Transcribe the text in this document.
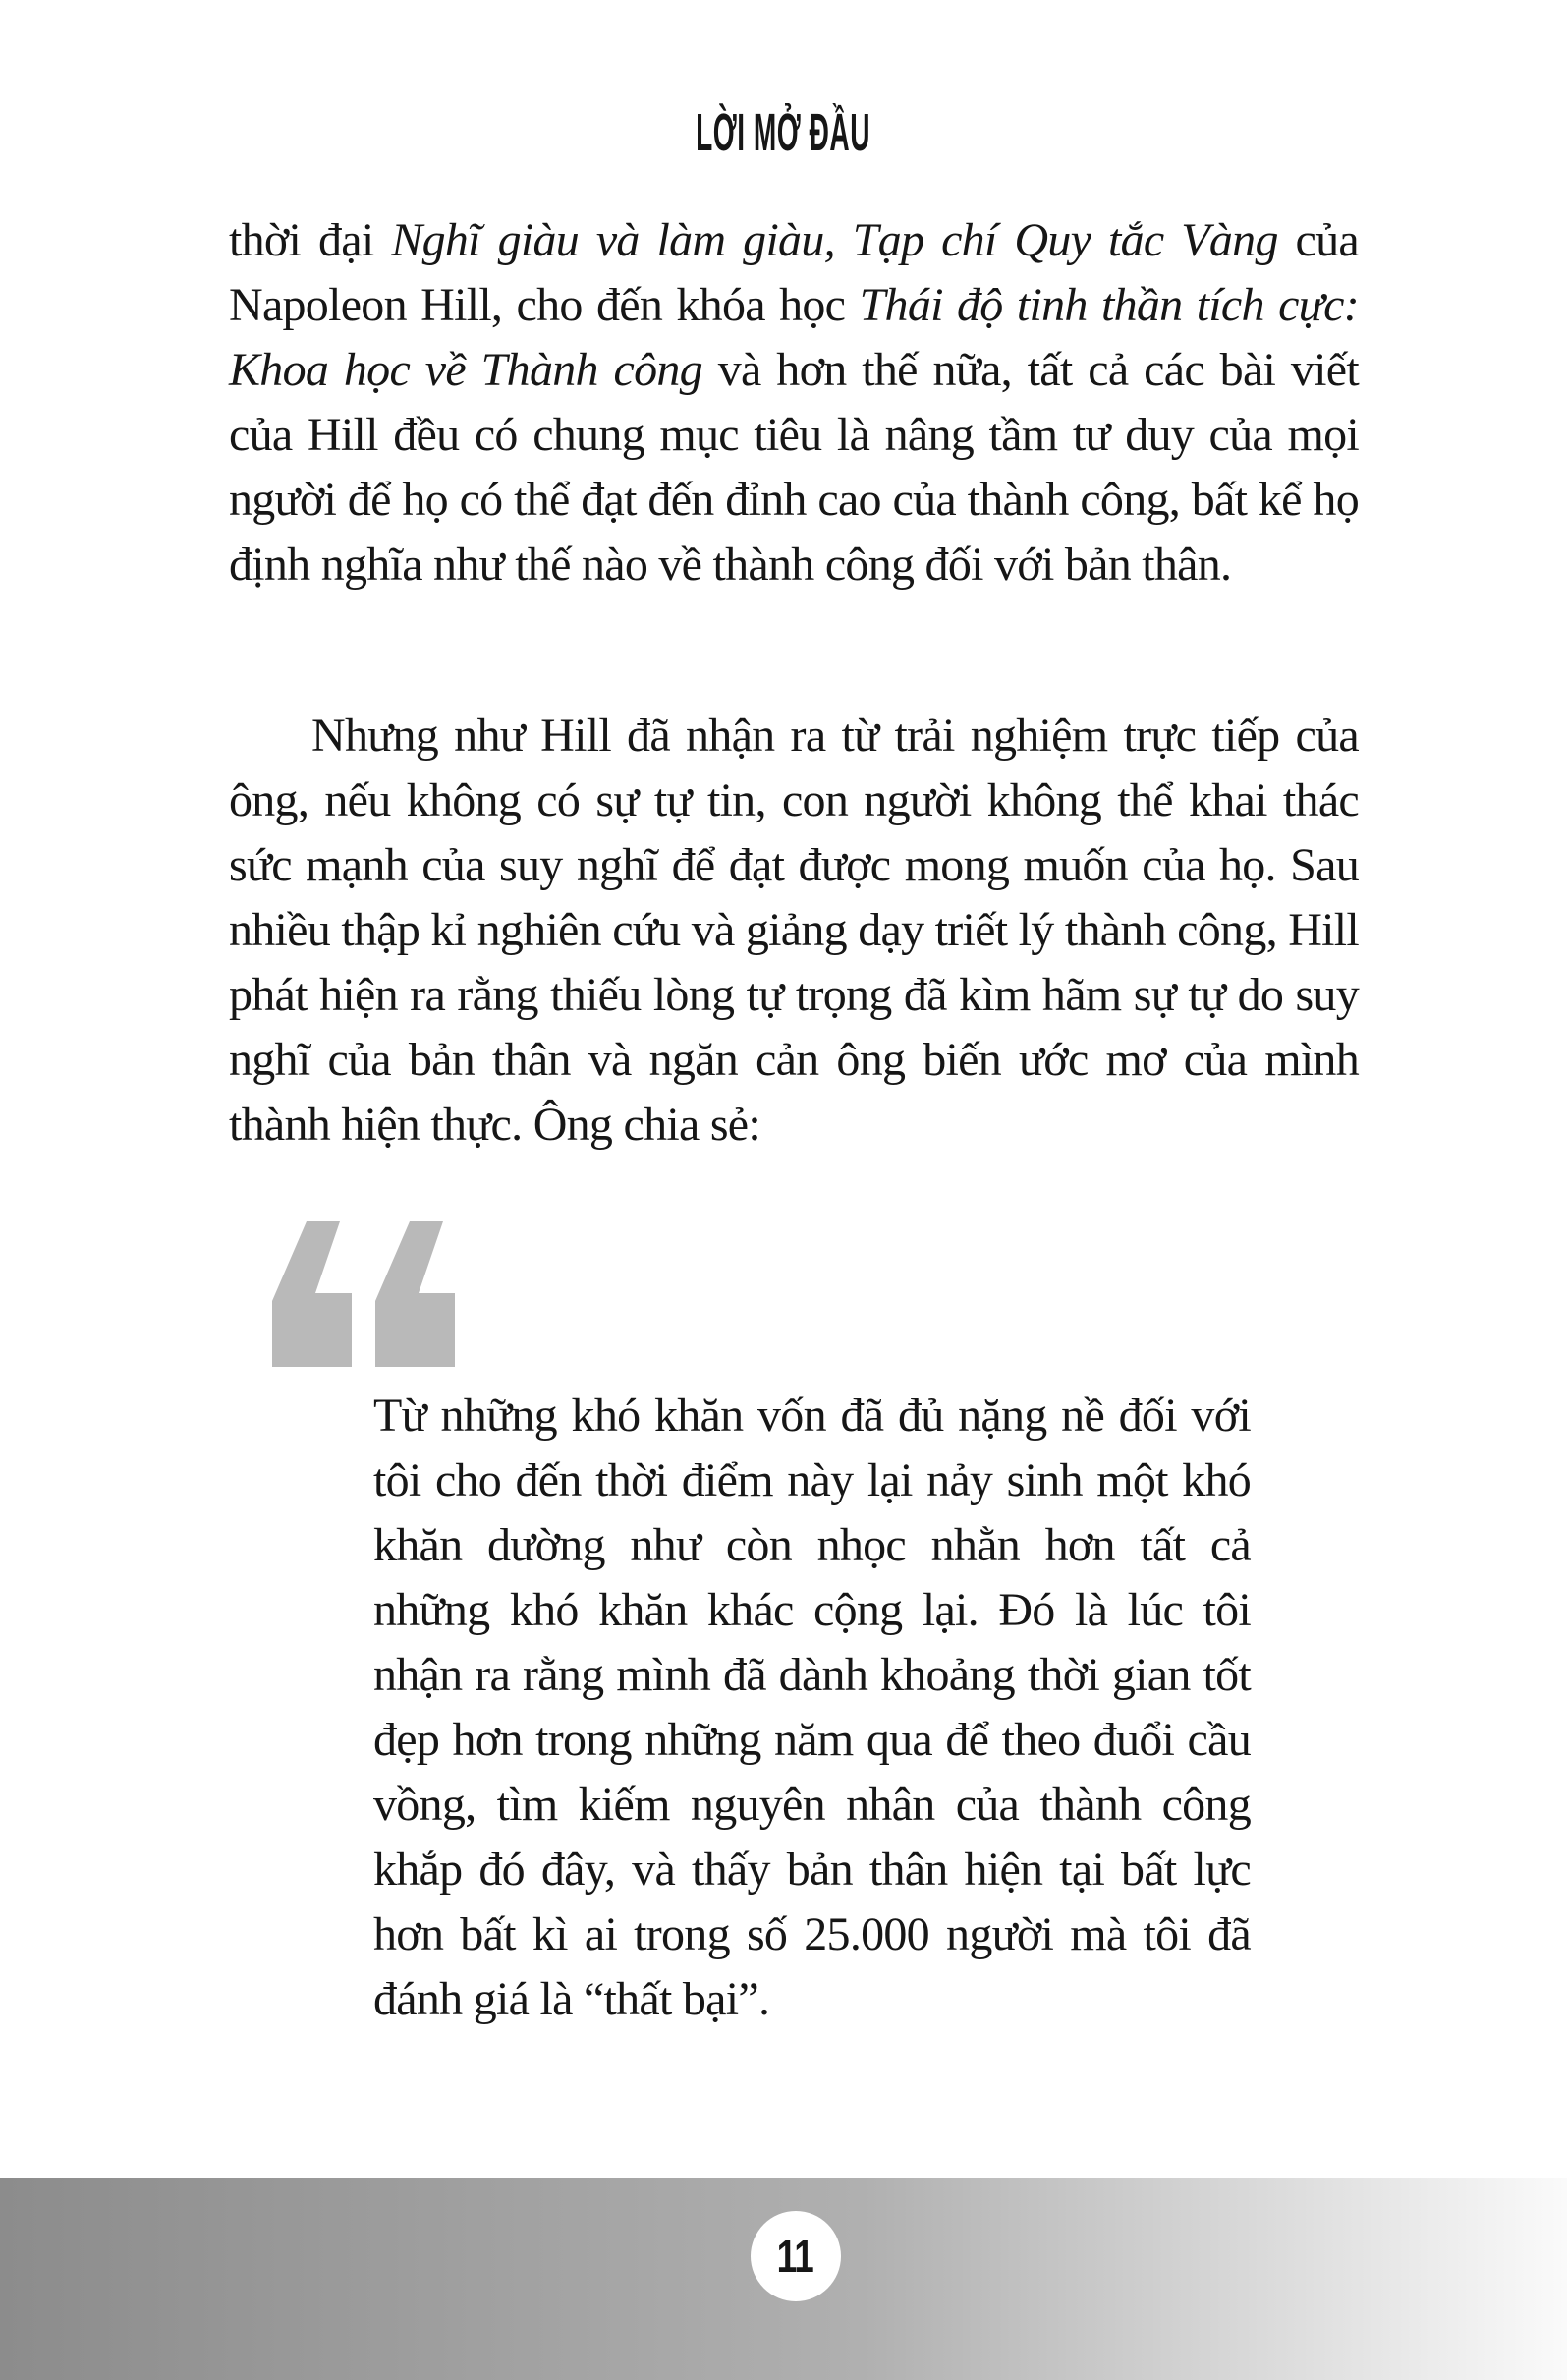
LỜI MỞ ĐẦU

thời đại Nghĩ giàu và làm giàu, Tạp chí Quy tắc Vàng của Napoleon Hill, cho đến khóa học Thái độ tinh thần tích cực: Khoa học về Thành công và hơn thế nữa, tất cả các bài viết của Hill đều có chung mục tiêu là nâng tầm tư duy của mọi người để họ có thể đạt đến đỉnh cao của thành công, bất kể họ định nghĩa như thế nào về thành công đối với bản thân.

Nhưng như Hill đã nhận ra từ trải nghiệm trực tiếp của ông, nếu không có sự tự tin, con người không thể khai thác sức mạnh của suy nghĩ để đạt được mong muốn của họ. Sau nhiều thập kỉ nghiên cứu và giảng dạy triết lý thành công, Hill phát hiện ra rằng thiếu lòng tự trọng đã kìm hãm sự tự do suy nghĩ của bản thân và ngăn cản ông biến ước mơ của mình thành hiện thực. Ông chia sẻ:

Từ những khó khăn vốn đã đủ nặng nề đối với tôi cho đến thời điểm này lại nảy sinh một khó khăn dường như còn nhọc nhằn hơn tất cả những khó khăn khác cộng lại. Đó là lúc tôi nhận ra rằng mình đã dành khoảng thời gian tốt đẹp hơn trong những năm qua để theo đuổi cầu vồng, tìm kiếm nguyên nhân của thành công khắp đó đây, và thấy bản thân hiện tại bất lực hơn bất kì ai trong số 25.000 người mà tôi đã đánh giá là “thất bại”.
11
